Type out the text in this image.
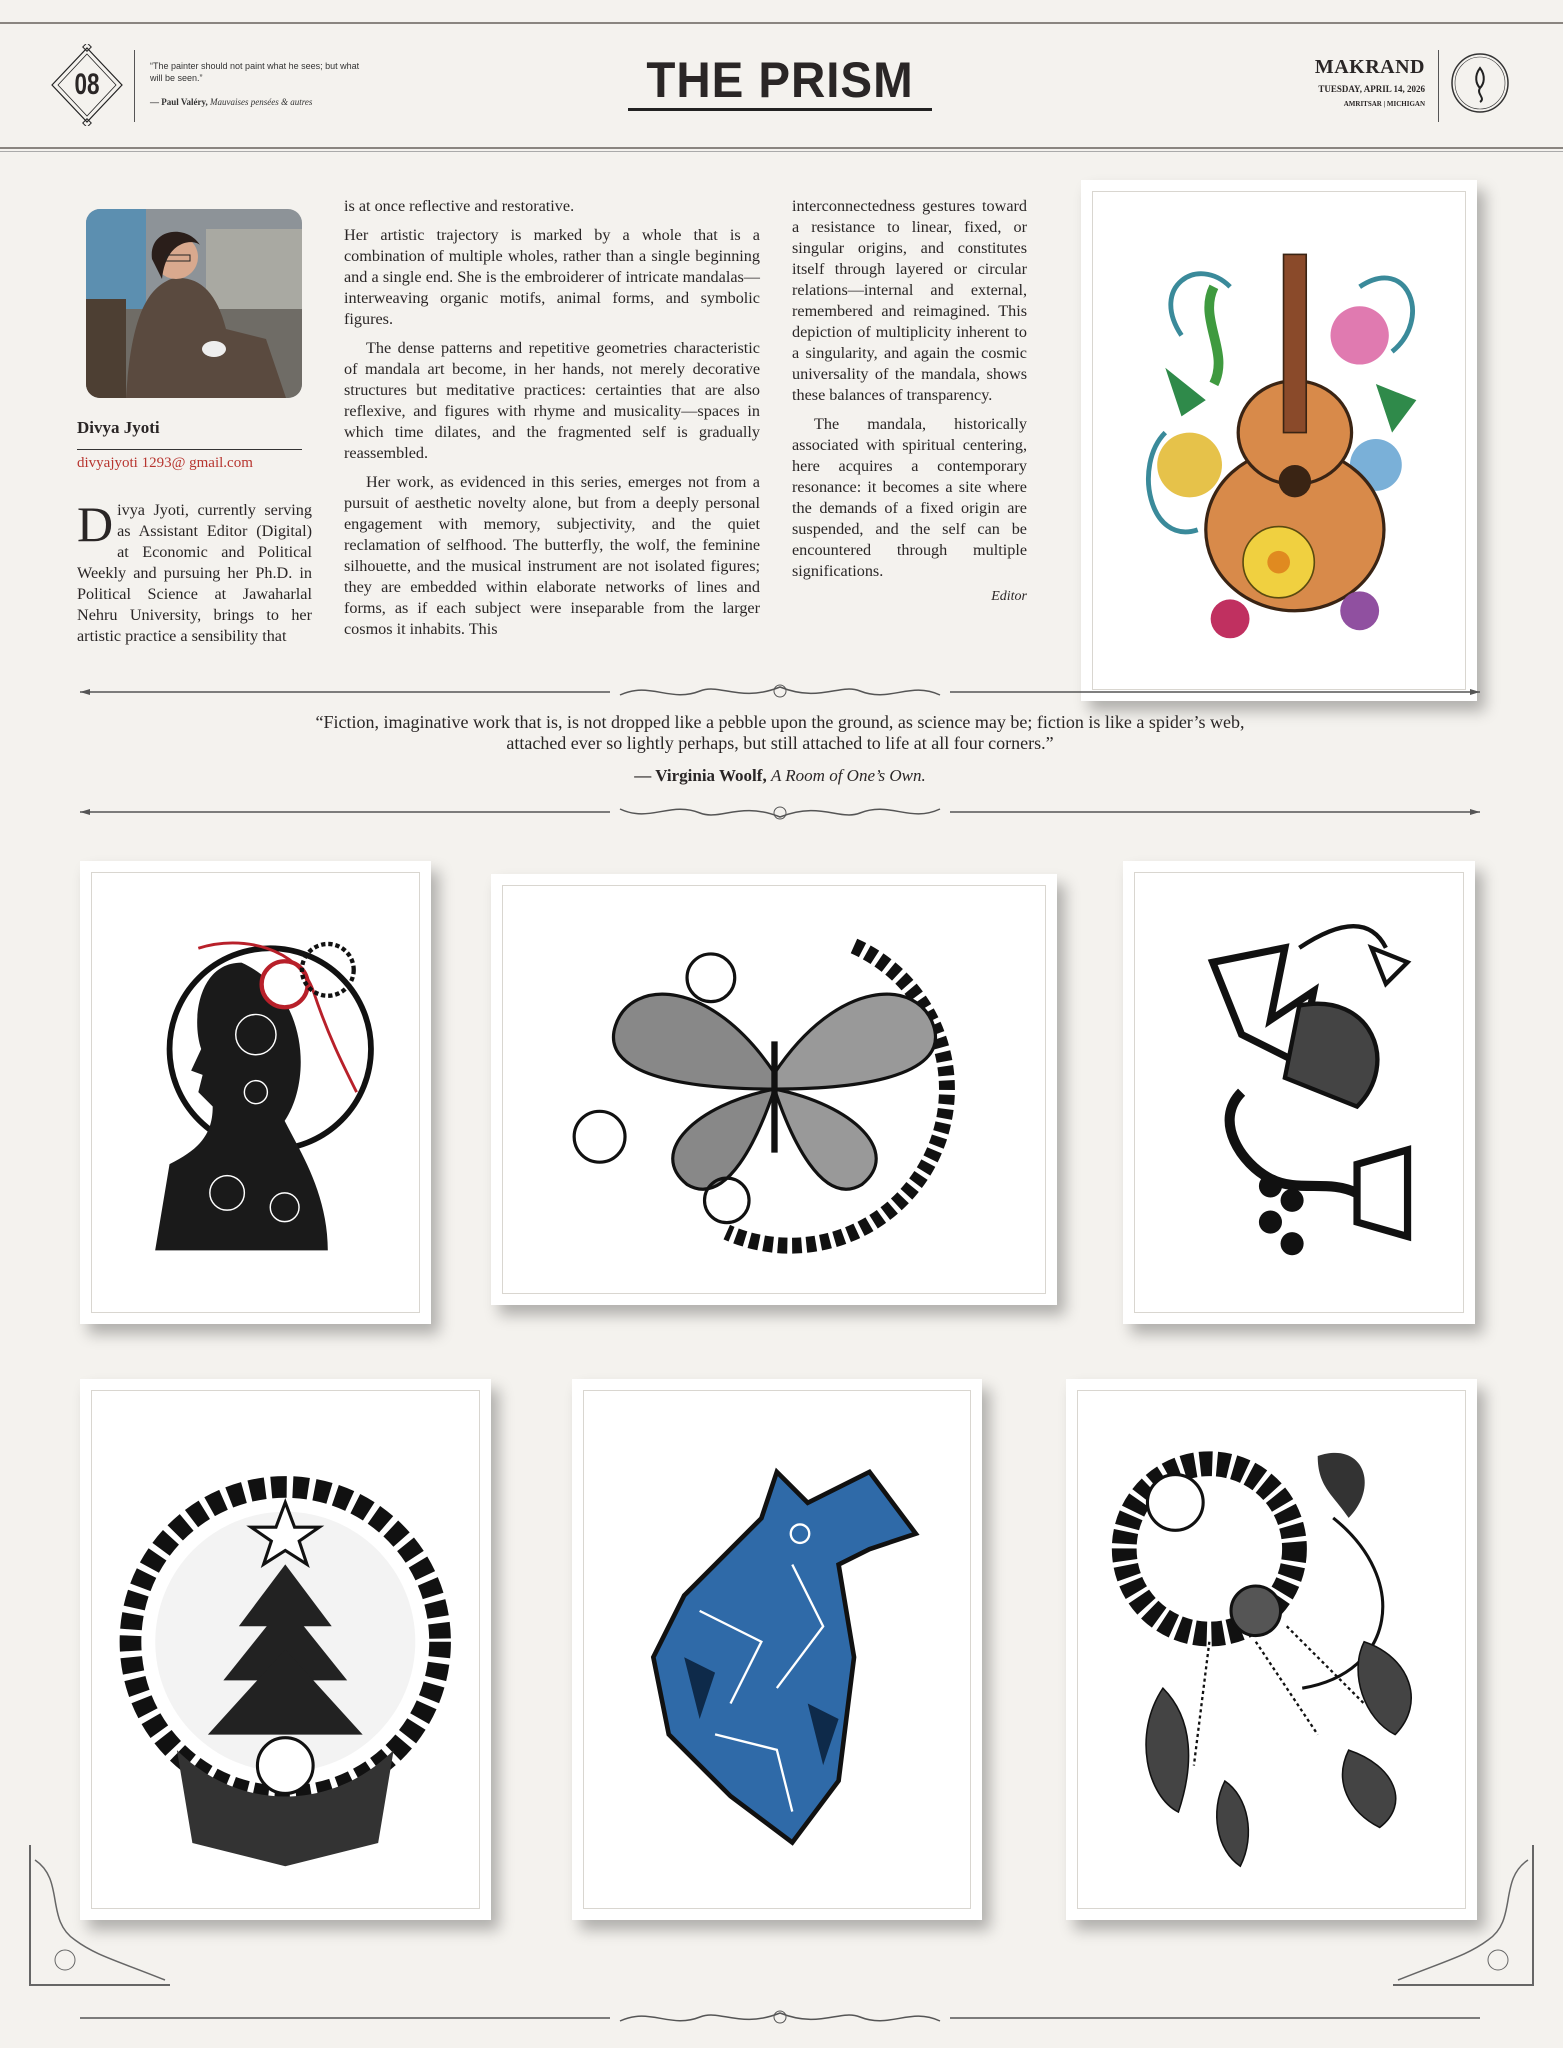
08
“The painter should not paint what he sees; but what will be seen.”
— Paul Valéry, Mauvaises pensées & autres	THE PRISM	MAKRAND
TUESDAY, APRIL 14, 2026
AMRITSAR | MICHIGAN
Divya Jyoti
divyajyoti 1293@ gmail.com
Divya Jyoti, currently serving as Assistant Editor (Digital) at Economic and Political Weekly and pursuing her Ph.D. in Political Science at Jawaharlal Nehru University, brings to her artistic practice a sensibility that

is at once reflective and restorative.

Her artistic trajectory is marked by a whole that is a combination of multiple wholes, rather than a single beginning and a single end. She is the embroiderer of intricate mandalas—interweaving organic motifs, animal forms, and symbolic figures.

The dense patterns and repetitive geometries characteristic of mandala art become, in her hands, not merely decorative structures but meditative practices: certainties that are also reflexive, and figures with rhyme and musicality—spaces in which time dilates, and the fragmented self is gradually reassembled.

Her work, as evidenced in this series, emerges not from a pursuit of aesthetic novelty alone, but from a deeply personal engagement with memory, subjectivity, and the quiet reclamation of selfhood. The butterfly, the wolf, the feminine silhouette, and the musical instrument are not isolated figures; they are embedded within elaborate networks of lines and forms, as if each subject were inseparable from the larger cosmos it inhabits. This

interconnectedness gestures toward a resistance to linear, fixed, or singular origins, and constitutes itself through layered or circular relations—internal and external, remembered and reimagined. This depiction of multiplicity inherent to a singularity, and again the cosmic universality of the mandala, shows these balances of transparency.

The mandala, historically associated with spiritual centering, here acquires a contemporary resonance: it becomes a site where the demands of a fixed origin are suspended, and the self can be encountered through multiple significations.

Editor
“Fiction, imaginative work that is, is not dropped like a pebble upon the ground, as science may be; fiction is like a spider’s web, attached ever so lightly perhaps, but still attached to life at all four corners.”
— Virginia Woolf, A Room of One’s Own.
